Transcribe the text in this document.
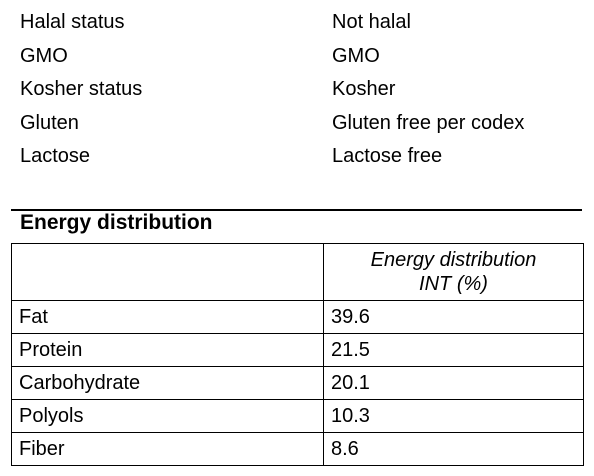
Halal status	Not halal
GMO	GMO
Kosher status	Kosher
Gluten	Gluten free per codex
Lactose	Lactose free
Energy distribution

	Energy distribution
INT (%)

Fat	39.6
Protein	21.5
Carbohydrate	20.1
Polyols	10.3
Fiber	8.6
